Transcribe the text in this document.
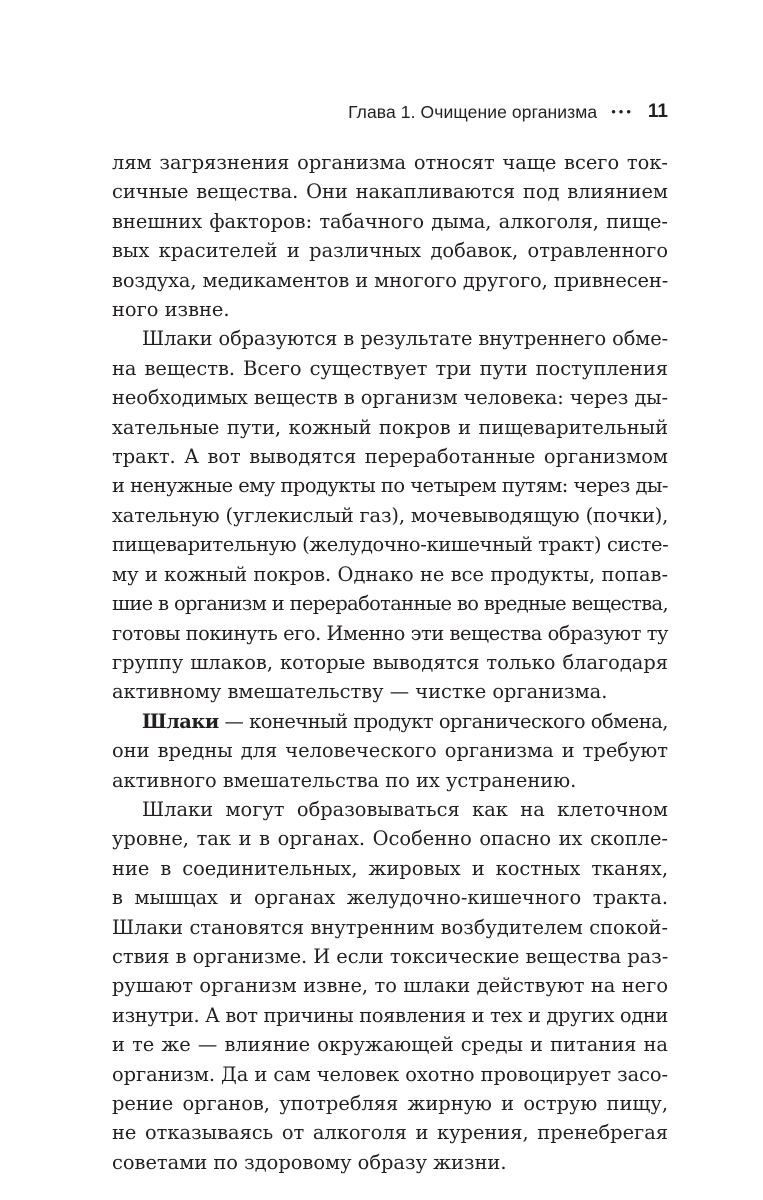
Глава 1. Очищение организма ••• 11

лям загрязнения организма относят чаще всего ток-
сичные вещества. Они накапливаются под влиянием
внешних факторов: табачного дыма, алкоголя, пище-
вых красителей и различных добавок, отравленного
воздуха, медикаментов и многого другого, привнесен-
ного извне.

Шлаки образуются в результате внутреннего обме-
на веществ. Всего существует три пути поступления
необходимых веществ в организм человека: через ды-
хательные пути, кожный покров и пищеварительный
тракт. А вот выводятся переработанные организмом
и ненужные ему продукты по четырем путям: через ды-
хательную (углекислый газ), мочевыводящую (почки),
пищеварительную (желудочно-кишечный тракт) систе-
му и кожный покров. Однако не все продукты, попав-
шие в организм и переработанные во вредные вещества,
готовы покинуть его. Именно эти вещества образуют ту
группу шлаков, которые выводятся только благодаря
активному вмешательству — чистке организма.

Шлаки — конечный продукт органического обмена,
они вредны для человеческого организма и требуют
активного вмешательства по их устранению.

Шлаки могут образовываться как на клеточном
уровне, так и в органах. Особенно опасно их скопле-
ние в соединительных, жировых и костных тканях,
в мышцах и органах желудочно-кишечного тракта.
Шлаки становятся внутренним возбудителем спокой-
ствия в организме. И если токсические вещества раз-
рушают организм извне, то шлаки действуют на него
изнутри. А вот причины появления и тех и других одни
и те же — влияние окружающей среды и питания на
организм. Да и сам человек охотно провоцирует засо-
рение органов, употребляя жирную и острую пищу,
не отказываясь от алкоголя и курения, пренебрегая
советами по здоровому образу жизни.
